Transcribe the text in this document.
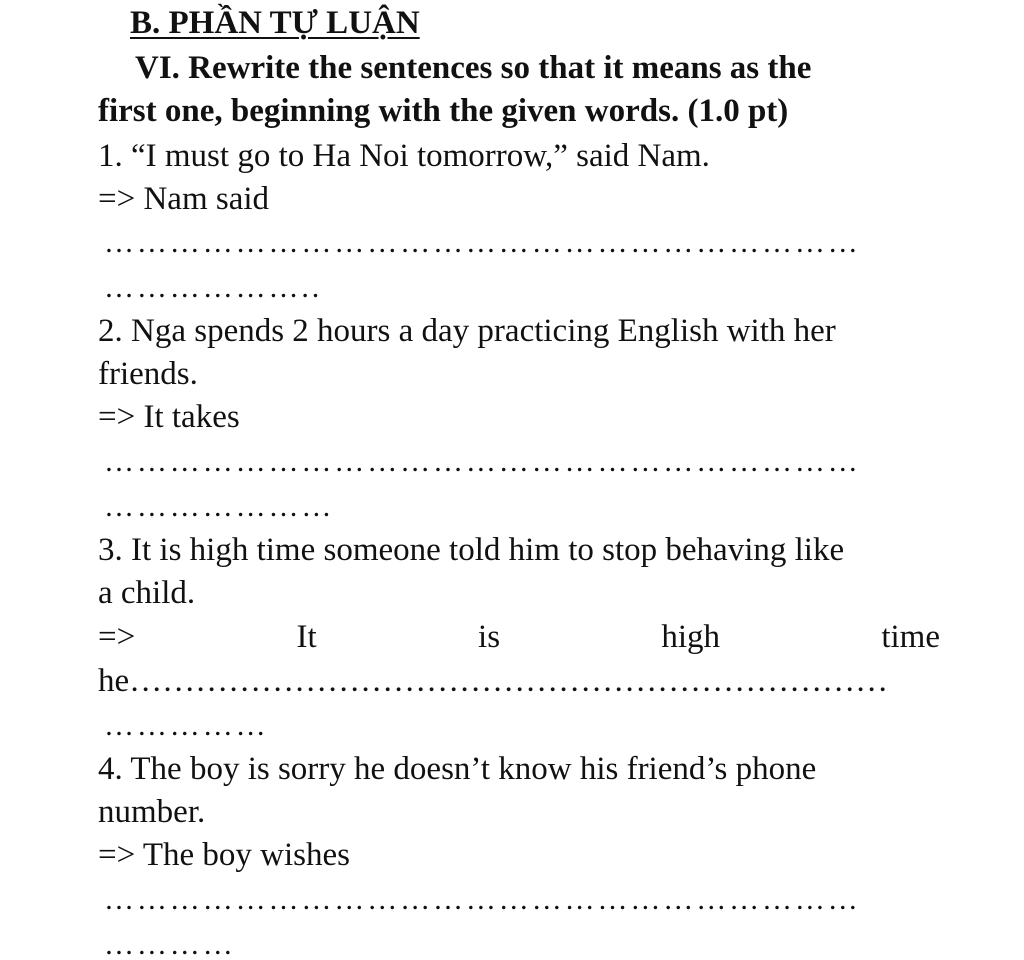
B. PHẦN TỰ LUẬN
VI. Rewrite the sentences so that it means as the
first one, beginning with the given words. (1.0 pt)
1. “I must go to Ha Noi tomorrow,” said Nam.
=> Nam said
……………………………………………………………
………………..
2. Nga spends 2 hours a day practicing English with her
friends.
=> It takes
……………………………………………………………
…………………
3. It is high time someone told him to stop behaving like
a child.
=>	It	is	high	time
he……………………………………………………………
……………
4. The boy is sorry he doesn’t know his friend’s phone
number.
=> The boy wishes
……………………………………………………………
…………
